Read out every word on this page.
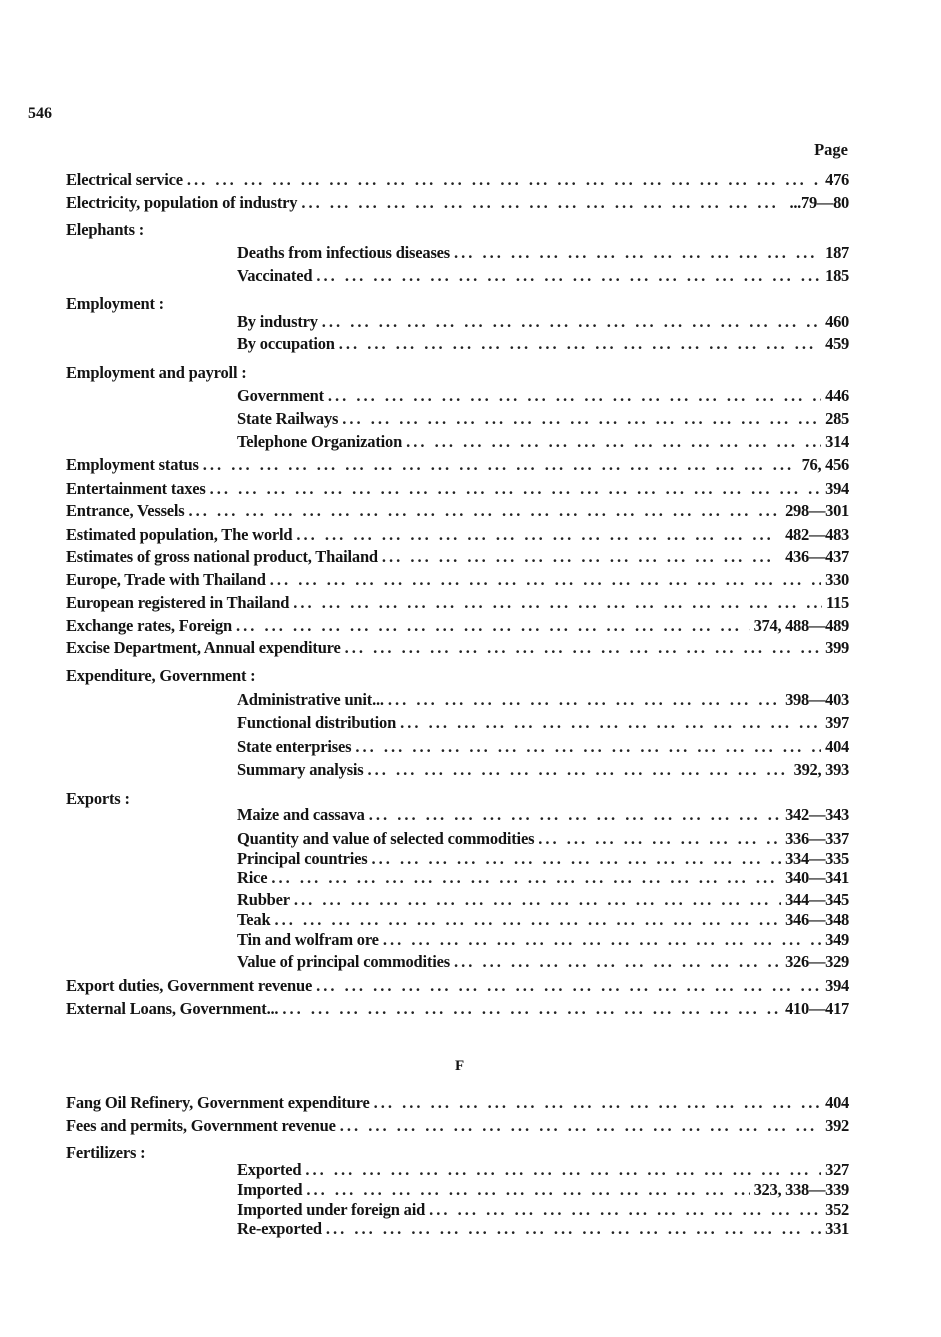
546
Page
Electrical service ... .	476
Electricity, population of industry ... .	...79—80
Elephants :
Deaths from infectious diseases ... .	187
Vaccinated ... .	185
Employment :
By industry ... .	460
By occupation ... .	459
Employment and payroll :
Government ... .	446
State Railways ... .	285
Telephone Organization ... .	314
Employment status ... .	76, 456
Entertainment taxes ... .	394
Entrance, Vessels ... .	298—301
Estimated population, The world ... .	482—483
Estimates of gross national product, Thailand ... .	436—437
Europe, Trade with Thailand ... .	330
European registered in Thailand ... .	115
Exchange rates, Foreign ... .	374, 488—489
Excise Department, Annual expenditure ... .	399
Expenditure, Government :
Administrative unit... ... .	398—403
Functional distribution ... .	397
State enterprises ... .	404
Summary analysis ... .	392, 393
Exports :
Maize and cassava ... .	342—343
Quantity and value of selected commodities ... .	336—337
Principal countries ... .	334—335
Rice ... .	340—341
Rubber ... .	344—345
Teak ... .	346—348
Tin and wolfram ore ... .	349
Value of principal commodities ... .	326—329
Export duties, Government revenue ... .	394
External Loans, Government... ... .	410—417
Fang Oil Refinery, Government expenditure ... .	404
Fees and permits, Government revenue ... .	392
Fertilizers :
Exported ... .	327
Imported ... .	323, 338—339
Imported under foreign aid ... .	352
Re-exported ... .	331
F
